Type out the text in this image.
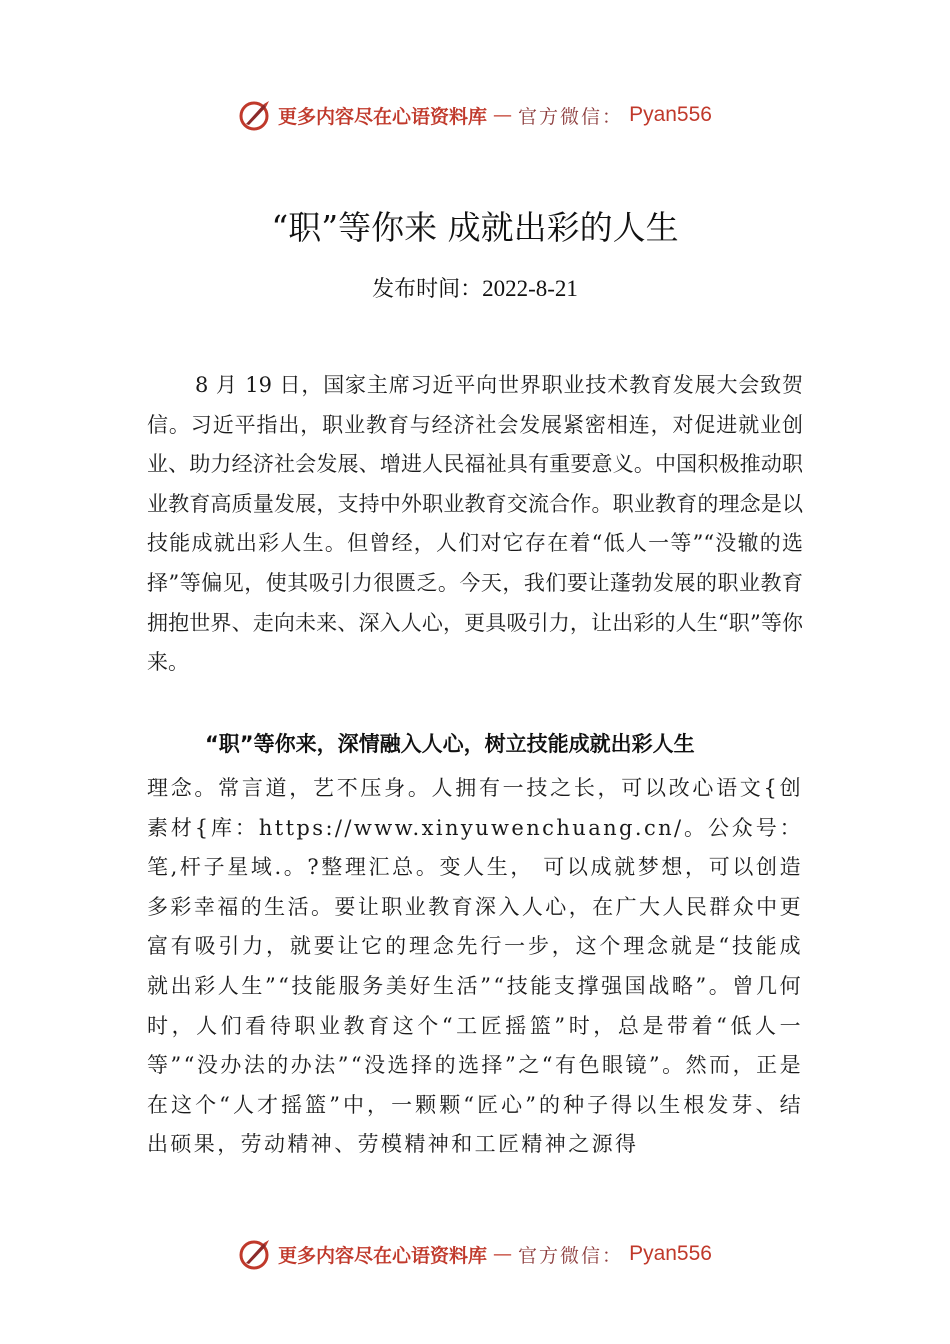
更多内容尽在心语资料库 — 官方微信： Pyan556
“职”等你来 成就出彩的人生
发布时间：2022-8-21
8 月 19 日，国家主席习近平向世界职业技术教育发展大会致贺信。习近平指出，职业教育与经济社会发展紧密相连，对促进就业创业、助力经济社会发展、增进人民福祉具有重要意义。中国积极推动职业教育高质量发展，支持中外职业教育交流合作。职业教育的理念是以技能成就出彩人生。但曾经，人们对它存在着“低人一等”“没辙的选择”等偏见，使其吸引力很匮乏。今天，我们要让蓬勃发展的职业教育拥抱世界、走向未来、深入人心，更具吸引力，让出彩的人生“职”等你来。
“职”等你来，深情融入人心，树立技能成就出彩人生
理念。常言道，艺不压身。人拥有一技之长，可以改心语文{创素材{库：https://www.xinyuwenchuang.cn/。公众号：笔,杆子星域.。?整理汇总。变人生， 可以成就梦想，可以创造多彩幸福的生活。要让职业教育深入人心，在广大人民群众中更富有吸引力，就要让它的理念先行一步，这个理念就是“技能成就出彩人生”“技能服务美好生活”“技能支撑强国战略”。曾几何时，人们看待职业教育这个“工匠摇篮”时，总是带着“低人一等”“没办法的办法”“没选择的选择”之“有色眼镜”。然而，正是在这个“人才摇篮”中，一颗颗“匠心”的种子得以生根发芽、结出硕果，劳动精神、劳模精神和工匠精神之源得
更多内容尽在心语资料库 — 官方微信： Pyan556
